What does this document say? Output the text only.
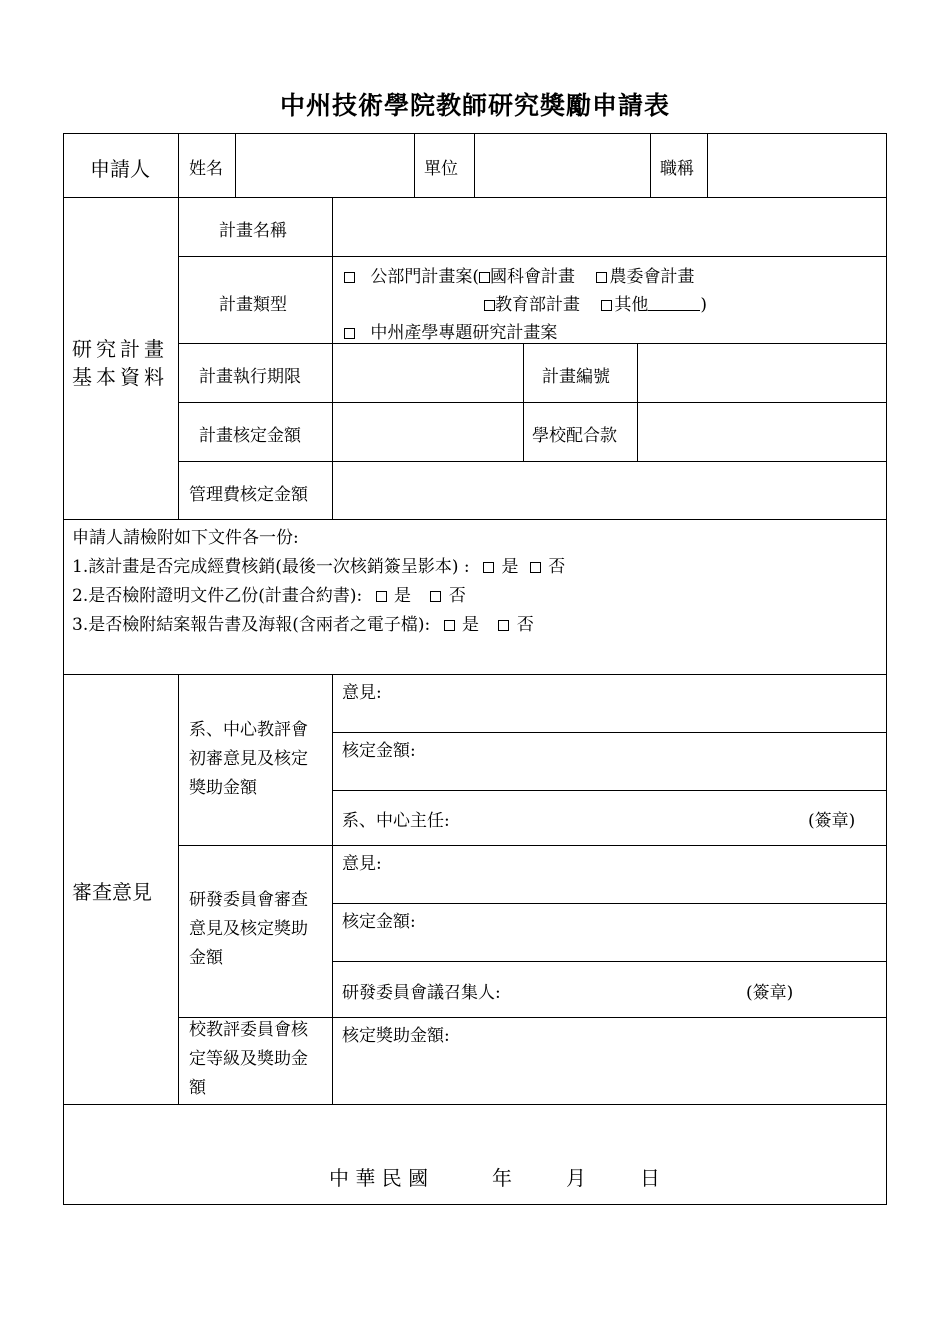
中州技術學院教師研究獎勵申請表
申請人 姓名	單位	職稱
研究計畫
基本資料
計畫名稱
計畫類型
公部門計畫案( 國科會計畫 農委會計畫
教育部計畫 其他	)
中州產學專題研究計畫案
計畫執行期限	計畫編號
計畫核定金額	學校配合款
管理費核定金額
申請人請檢附如下文件各一份:
1.該計畫是否完成經費核銷(最後一次核銷簽呈影本) : 是 否
2.是否檢附證明文件乙份(計畫合約書): 是 否
3.是否檢附結案報告書及海報(含兩者之電子檔): 是 否
審查意見
系、中心教評會
初審意見及核定
獎助金額
意見:
核定金額:
系、中心主任:	(簽章)
研發委員會審查
意見及核定獎助
金額
意見:
核定金額:
研發委員會議召集人:	(簽章)
校教評委員會核
定等級及獎助金
額
核定獎助金額:
中 華 民 國	年	月	日
